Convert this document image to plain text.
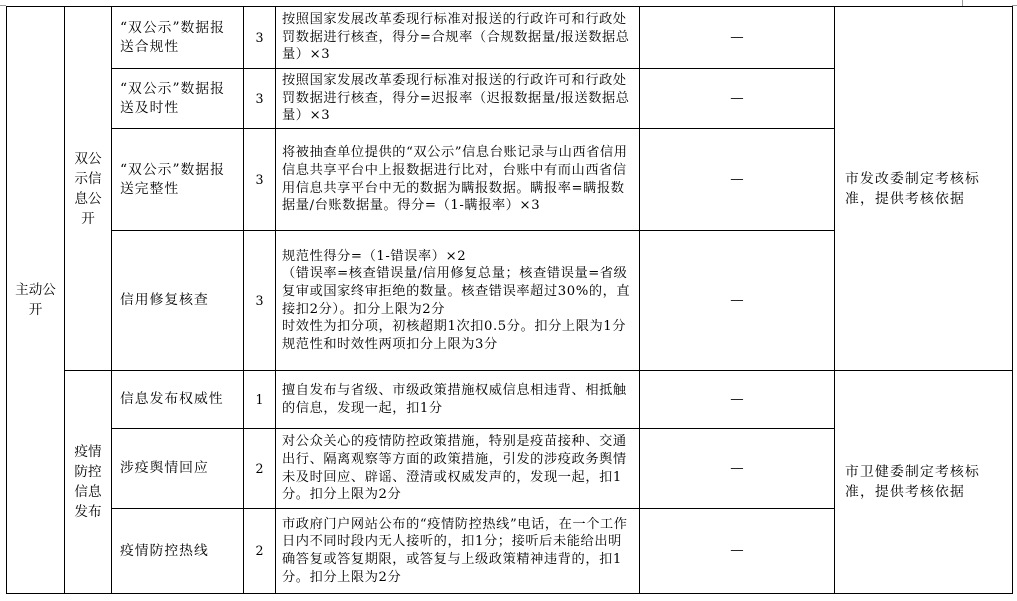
主动公开	双公示信息公开	“双公示”数据报送合规性	3	按照国家发展改革委现行标准对报送的行政许可和行政处罚数据进行核查，得分=合规率（合规数据量/报送数据总量）×3	—	市发改委制定考核标准，提供考核依据
		“双公示”数据报送及时性	3	按照国家发展改革委现行标准对报送的行政许可和行政处罚数据进行核查，得分=迟报率（迟报数据量/报送数据总量）×3	—	
		“双公示”数据报送完整性	3	将被抽查单位提供的“双公示”信息台账记录与山西省信用信息共享平台中上报数据进行比对，台账中有而山西省信用信息共享平台中无的数据为瞒报数据。瞒报率=瞒报数据量/台账数据量。得分=（1-瞒报率）×3	—	
		信用修复核查	3	规范性得分=（1-错误率）×2
（错误率=核查错误量/信用修复总量；核查错误量=省级复审或国家终审拒绝的数量。核查错误率超过30%的，直接扣2分）。扣分上限为2分
时效性为扣分项，初核超期1次扣0.5分。扣分上限为1分
规范性和时效性两项扣分上限为3分	—	
	疫情防控信息发布	信息发布权威性	1	擅自发布与省级、市级政策措施权威信息相违背、相抵触的信息，发现一起，扣1分	—	市卫健委制定考核标准，提供考核依据
		涉疫舆情回应	2	对公众关心的疫情防控政策措施，特别是疫苗接种、交通出行、隔离观察等方面的政策措施，引发的涉疫政务舆情未及时回应、辟谣、澄清或权威发声的，发现一起，扣1分。扣分上限为2分	—	
		疫情防控热线	2	市政府门户网站公布的“疫情防控热线”电话，在一个工作日内不同时段内无人接听的，扣1分；接听后未能给出明确答复或答复期限，或答复与上级政策精神违背的，扣1分。扣分上限为2分	—	
